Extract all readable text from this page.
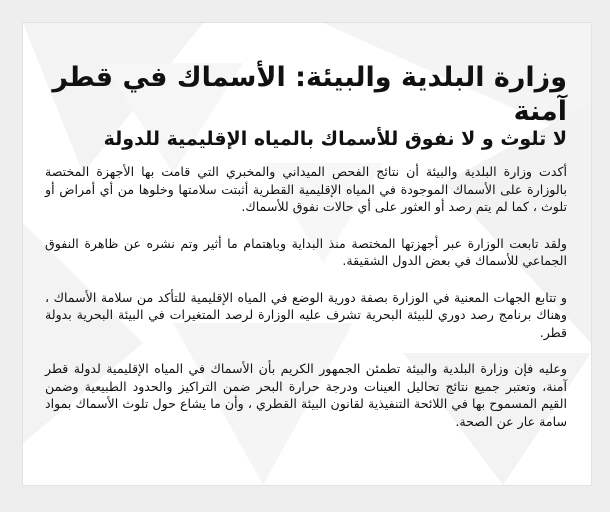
وزارة البلدية والبيئة: الأسماك في قطر آمنة
لا تلوث و لا نفوق للأسماك بالمياه الإقليمية للدولة

أكدت وزارة البلدية والبيئة أن نتائج الفحص الميداني والمخبري التي قامت بها الأجهزة المختصة بالوزارة على الأسماك الموجودة في المياه الإقليمية القطرية أثبتت سلامتها وخلوها من أي أمراض أو تلوث ، كما لم يتم رصد أو العثور على أي حالات نفوق للأسماك.

ولقد تابعت الوزارة عبر أجهزتها المختصة منذ البداية وباهتمام ما أثير وتم نشره عن ظاهرة النفوق الجماعي للأسماك في بعض الدول الشقيقة.

و تتابع الجهات المعنية في الوزارة بصفة دورية الوضع في المياه الإقليمية للتأكد من سلامة الأسماك ، وهناك برنامج رصد دوري للبيئة البحرية تشرف عليه الوزارة لرصد المتغيرات في البيئة البحرية بدولة قطر.

وعليه فإن وزارة البلدية والبيئة تطمئن الجمهور الكريم بأن الأسماك في المياه الإقليمية لدولة قطر آمنة، وتعتبر جميع نتائج تحاليل العينات ودرجة حرارة البحر ضمن التراكيز والحدود الطبيعية وضمن القيم المسموح بها في اللائحة التنفيذية لقانون البيئة القطري ، وأن ما يشاع حول تلوث الأسماك بمواد سامة عار عن الصحة.
